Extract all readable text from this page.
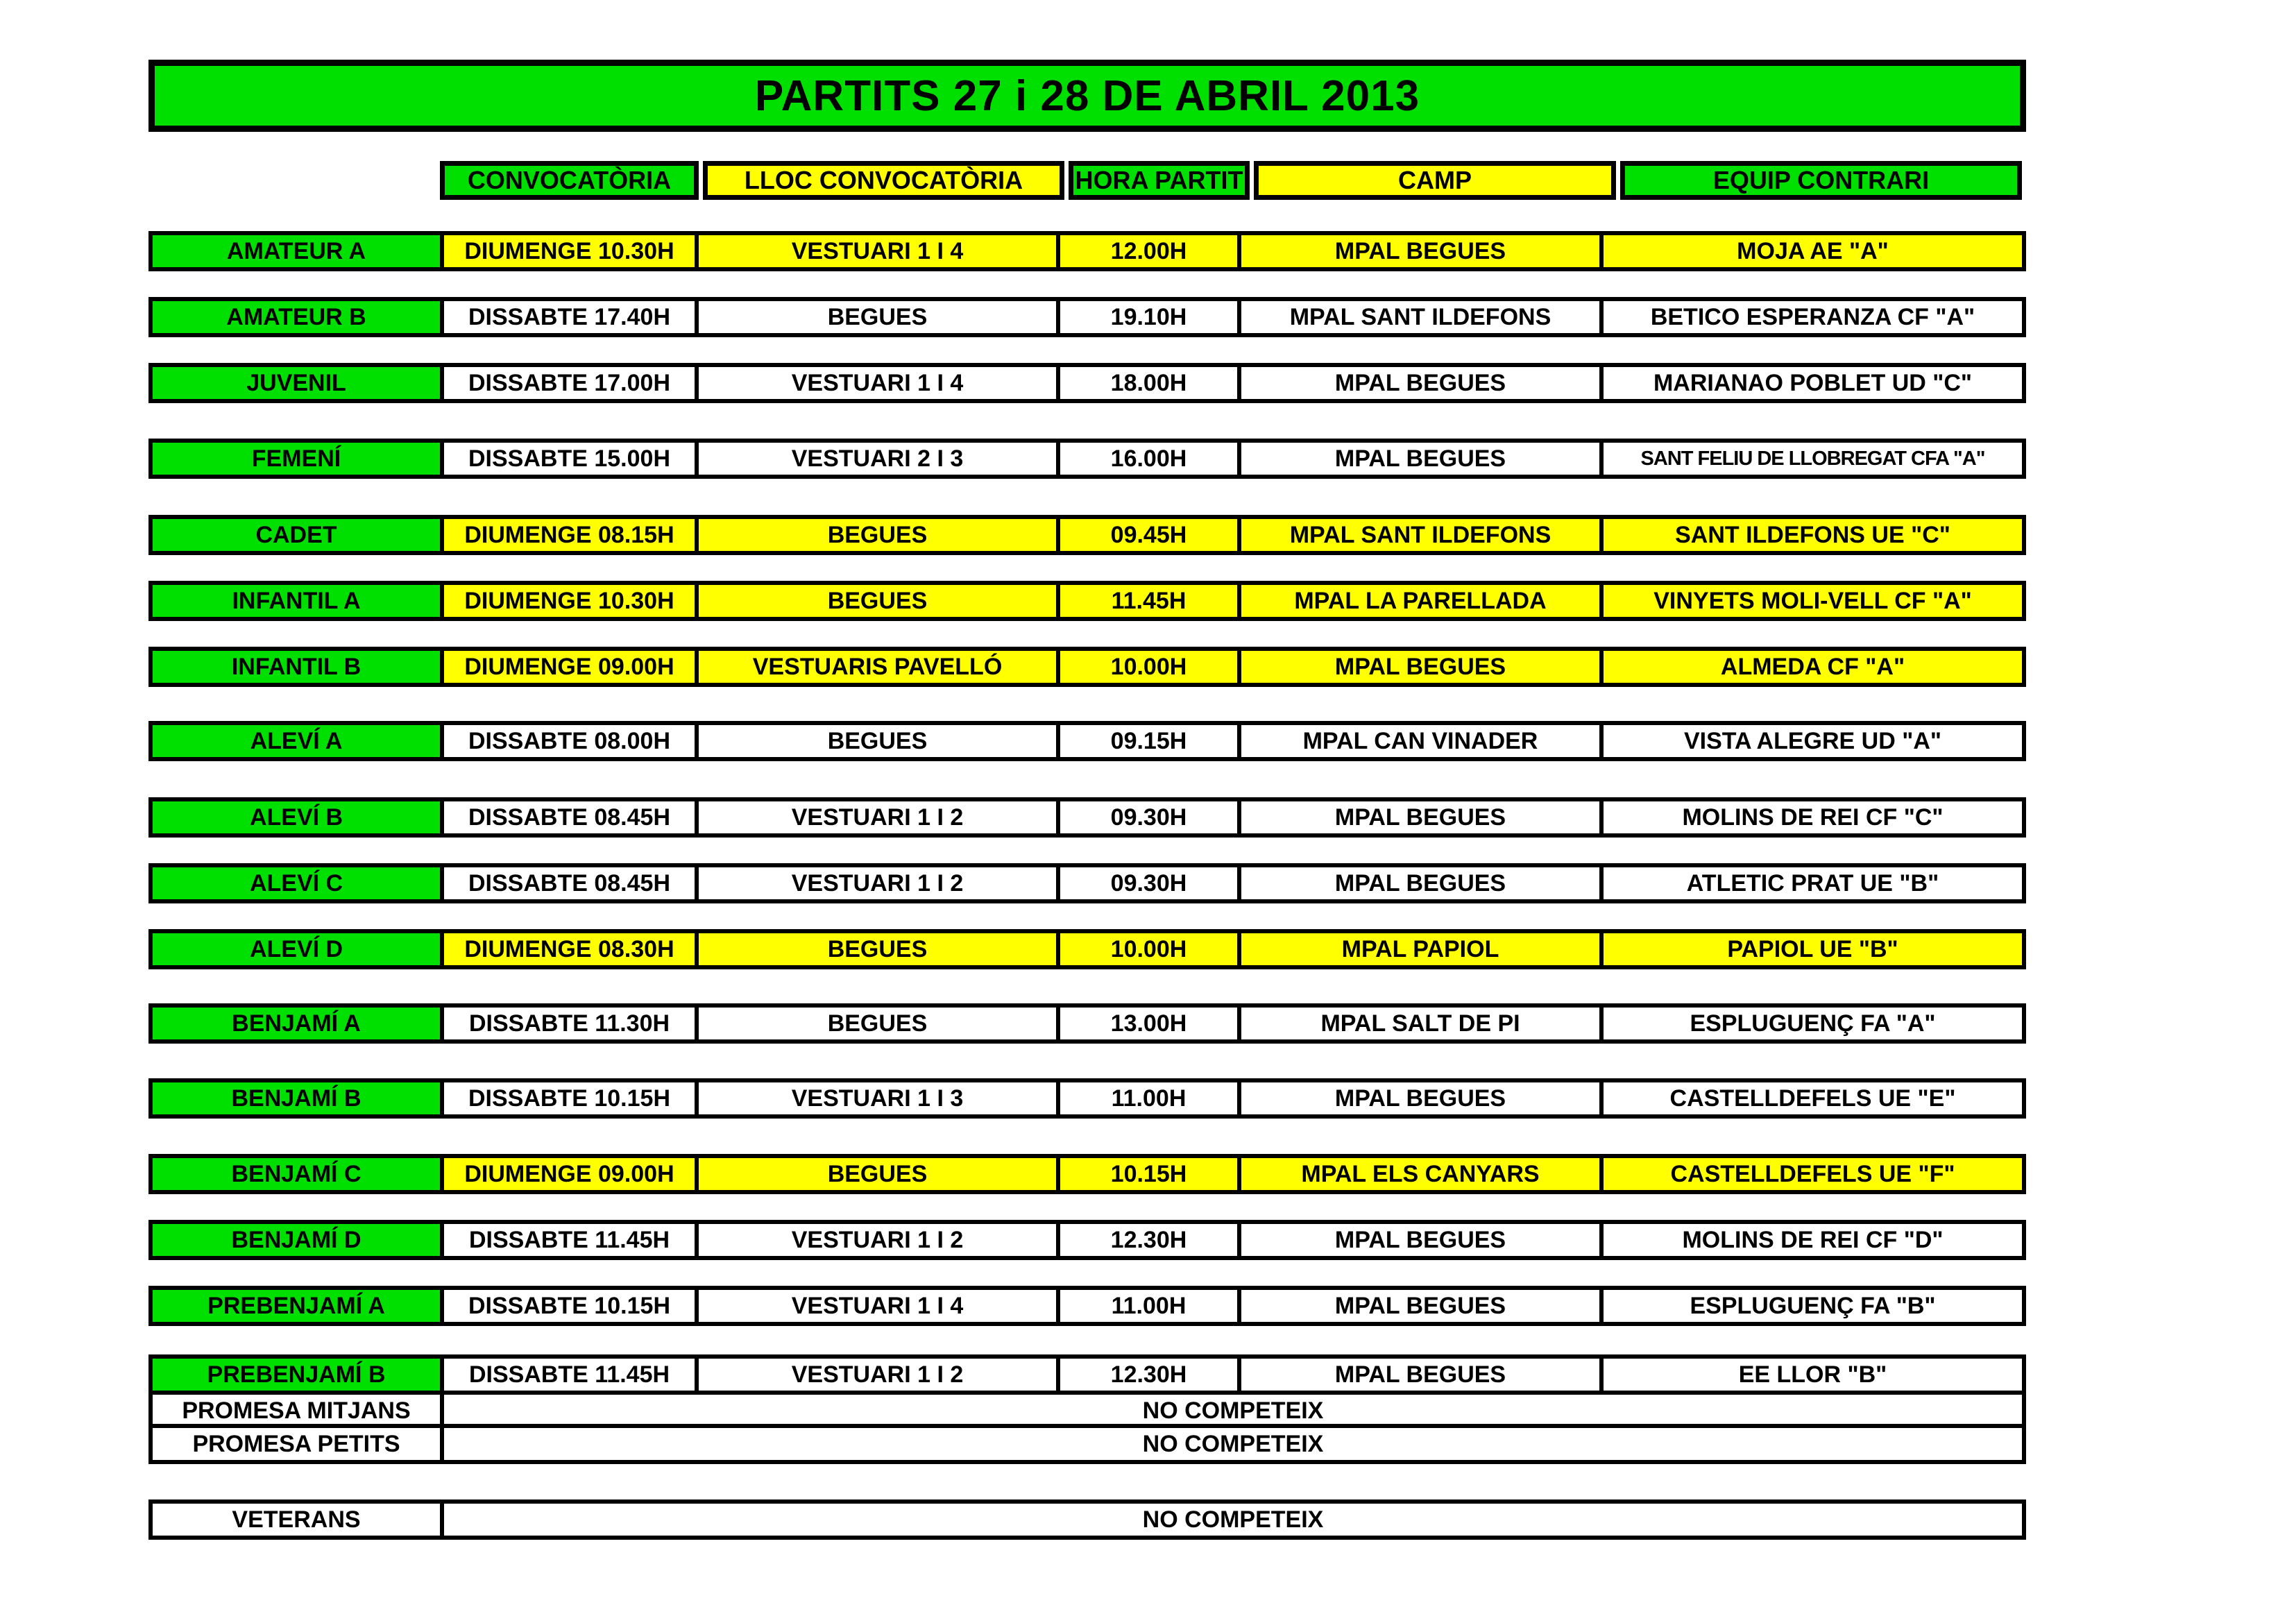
PARTITS 27 i 28 DE ABRIL 2013
CONVOCATÒRIA	LLOC CONVOCATÒRIA	HORA PARTIT	CAMP	EQUIP CONTRARI
AMATEUR A	DIUMENGE 10.30H	VESTUARI 1 I 4	12.00H	MPAL BEGUES	MOJA AE "A"
AMATEUR B	DISSABTE 17.40H	BEGUES	19.10H	MPAL SANT ILDEFONS	BETICO ESPERANZA CF "A"
JUVENIL	DISSABTE 17.00H	VESTUARI 1 I 4	18.00H	MPAL BEGUES	MARIANAO POBLET UD "C"
FEMENÍ	DISSABTE 15.00H	VESTUARI 2 I 3	16.00H	MPAL BEGUES	SANT FELIU DE LLOBREGAT CFA "A"
CADET	DIUMENGE 08.15H	BEGUES	09.45H	MPAL SANT ILDEFONS	SANT ILDEFONS UE "C"
INFANTIL A	DIUMENGE 10.30H	BEGUES	11.45H	MPAL LA PARELLADA	VINYETS MOLI-VELL CF "A"
INFANTIL B	DIUMENGE 09.00H	VESTUARIS PAVELLÓ	10.00H	MPAL BEGUES	ALMEDA CF "A"
ALEVÍ A	DISSABTE 08.00H	BEGUES	09.15H	MPAL CAN VINADER	VISTA ALEGRE UD "A"
ALEVÍ B	DISSABTE 08.45H	VESTUARI 1 I 2	09.30H	MPAL BEGUES	MOLINS DE REI CF "C"
ALEVÍ C	DISSABTE 08.45H	VESTUARI 1 I 2	09.30H	MPAL BEGUES	ATLETIC PRAT UE "B"
ALEVÍ D	DIUMENGE 08.30H	BEGUES	10.00H	MPAL PAPIOL	PAPIOL UE "B"
BENJAMÍ A	DISSABTE 11.30H	BEGUES	13.00H	MPAL SALT DE PI	ESPLUGUENÇ FA "A"
BENJAMÍ B	DISSABTE 10.15H	VESTUARI 1 I 3	11.00H	MPAL BEGUES	CASTELLDEFELS UE "E"
BENJAMÍ C	DIUMENGE 09.00H	BEGUES	10.15H	MPAL ELS CANYARS	CASTELLDEFELS UE "F"
BENJAMÍ D	DISSABTE 11.45H	VESTUARI 1 I 2	12.30H	MPAL BEGUES	MOLINS DE REI CF "D"
PREBENJAMÍ A	DISSABTE 10.15H	VESTUARI 1 I 4	11.00H	MPAL BEGUES	ESPLUGUENÇ FA "B"
PREBENJAMÍ B	DISSABTE 11.45H	VESTUARI 1 I 2	12.30H	MPAL BEGUES	EE LLOR "B"
PROMESA MITJANS	NO COMPETEIX
PROMESA PETITS	NO COMPETEIX
VETERANS	NO COMPETEIX
